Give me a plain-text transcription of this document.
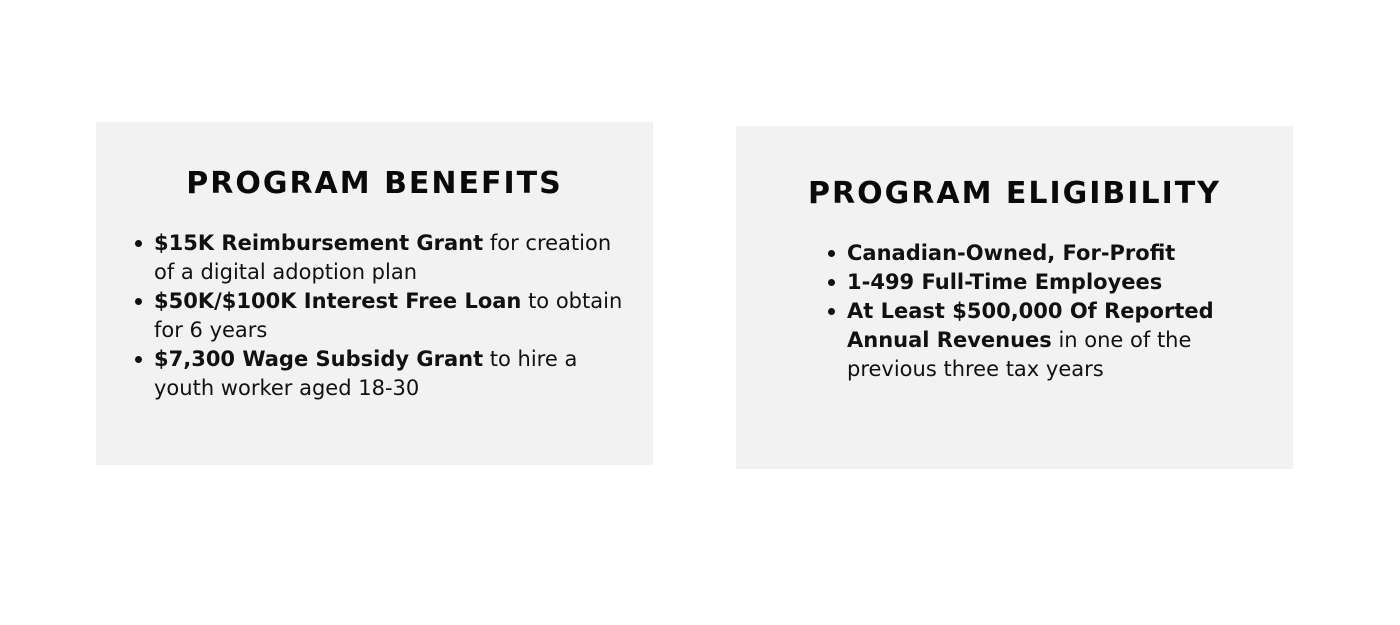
PROGRAM BENEFITS
$15K Reimbursement Grant for creation of a digital adoption plan
$50K/$100K Interest Free Loan to obtain for 6 years
$7,300 Wage Subsidy Grant to hire a youth worker aged 18-30
PROGRAM ELIGIBILITY
Canadian-Owned, For-Profit
1-499 Full-Time Employees
At Least $500,000 Of Reported Annual Revenues in one of the previous three tax years
